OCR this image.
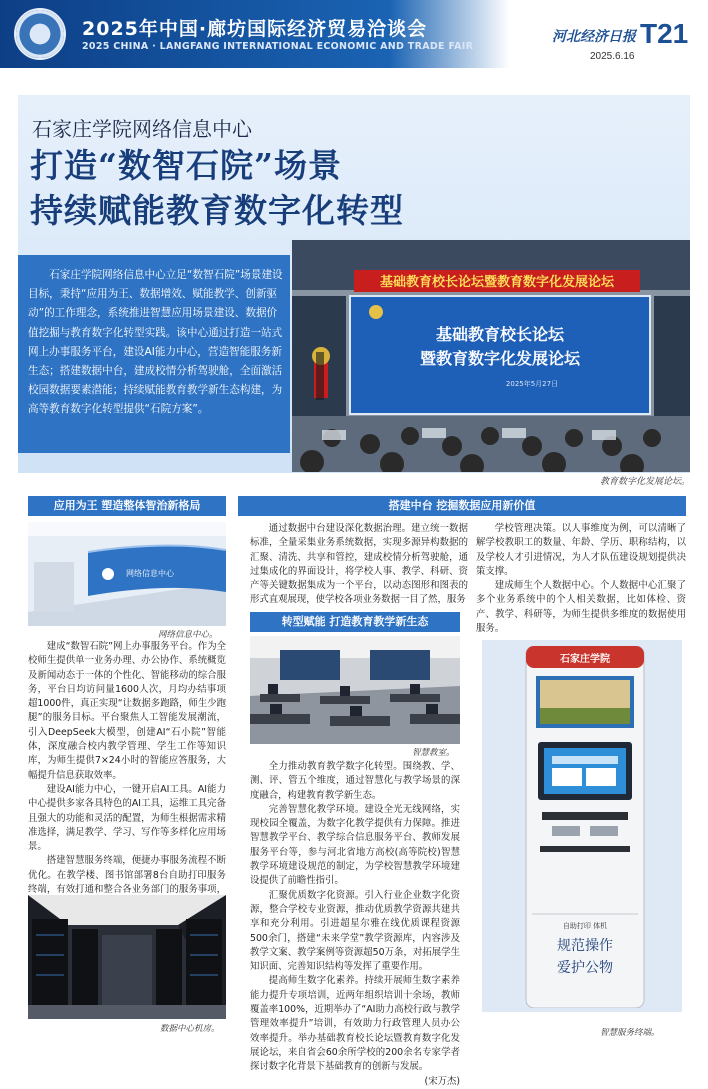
2025年中国·廊坊国际经济贸易洽谈会
2025 CHINA · LANGFANG INTERNATIONAL ECONOMIC AND TRADE FAIR
河北经济日报 T21
2025.6.16
石家庄学院网络信息中心
打造“数智石院”场景
持续赋能教育数字化转型
石家庄学院网络信息中心立足“数智石院”场景建设目标，秉持“应用为王、数据增效、赋能教学、创新驱动”的工作理念，系统推进智慧应用场景建设、数据价值挖掘与教育数字化转型实践。该中心通过打造一站式网上办事服务平台，建设AI能力中心，营造智能服务新生态；搭建数据中台，建成校情分析驾驶舱，全面激活校园数据要素潜能；持续赋能教育教学新生态构建，为高等教育数字化转型提供“石院方案”。
基础教育校长论坛暨教育数字化发展论坛
基础教育校长论坛
暨教育数字化发展论坛
2025年5月27日
教育数字化发展论坛。
应用为王 塑造整体智治新格局
网络信息中心
网络信息中心。

建成“数智石院”网上办事服务平台。作为全校师生提供单一业务办理、办公协作、系统概览及新闻动态于一体的个性化、智能移动的综合服务，平台日均访问量1600人次，月均办结事项超1000件，真正实现“让数据多跑路，师生少跑腿”的服务目标。平台聚焦人工智能发展潮流，引入DeepSeek大模型，创建AI“石小院”智能体，深度融合校内教学管理、学生工作等知识库，为师生提供7×24小时的智能应答服务，大幅提升信息获取效率。

建设AI能力中心，一键开启AI工具。AI能力中心提供多家各具特色的AI工具，运维工具完备且强大的功能和灵活的配置，为师生根据需求精准选择，满足教学、学习、写作等多样化应用场景。

搭建智慧服务终端，便捷办事服务流程不断优化。在教学楼、图书馆部署8台自助打印服务终端，有效打通和整合各业务部门的服务事项，

数据中心机房。
搭建中台 挖掘数据应用新价值

通过数据中台建设深化数据治理。建立统一数据标准，全量采集业务系统数据，实现多源异构数据的汇聚、清洗、共享和管控，建成校情分析驾驶舱，通过集成化的界面设计，将学校人事、教学、科研、资产等关键数据集成为一个平台，以动态图形和图表的形式直观展现，使学校各项业务数据一目了然，服务

学校管理决策。以人事维度为例，可以清晰了解学校教职工的数量、年龄、学历、职称结构，以及学校人才引进情况，为人才队伍建设规划提供决策支撑。

建成师生个人数据中心。个人数据中心汇聚了多个业务系统中的个人相关数据，比如体检、资产、教学、科研等，为师生提供多维度的数据使用服务。

转型赋能 打造教育教学新生态
智慧教室。

全力推动教育教学数字化转型。围绕教、学、测、评、管五个维度，通过智慧化与教学场景的深度融合，构建教育教学新生态。

完善智慧化教学环境。建设全光无线网络，实现校园全覆盖，为数字化教学提供有力保障。推进智慧教学平台、教学综合信息服务平台、教师发展服务平台等，参与河北省地方高校(高等院校)智慧教学环境建设规范的制定，为学校智慧教学环境建设提供了前瞻性指引。

汇聚优质数字化资源。引入行业企业数字化资源，整合学校专业资源，推动优质教学资源共建共享和充分利用。引进超星尔雅在线优质课程资源500余门，搭建“未来学堂”教学资源库，内容涉及教学文案、教学案例等资源超50万条，对拓展学生知识面、完善知识结构等发挥了重要作用。

提高师生数字化素养。持续开展师生数字素养能力提升专项培训，近两年组织培训十余场，教师覆盖率100%，近期举办了“AI助力高校行政与教学管理效率提升”培训，有效助力行政管理人员办公效率提升。举办基础教育校长论坛暨教育数字化发展论坛，来自省会60余所学校的200余名专家学者探讨数字化背景下基础教育的创新与发展。

(宋万杰)
石家庄学院
自助打印 体机
规范操作
爱护公物
智慧服务终端。
